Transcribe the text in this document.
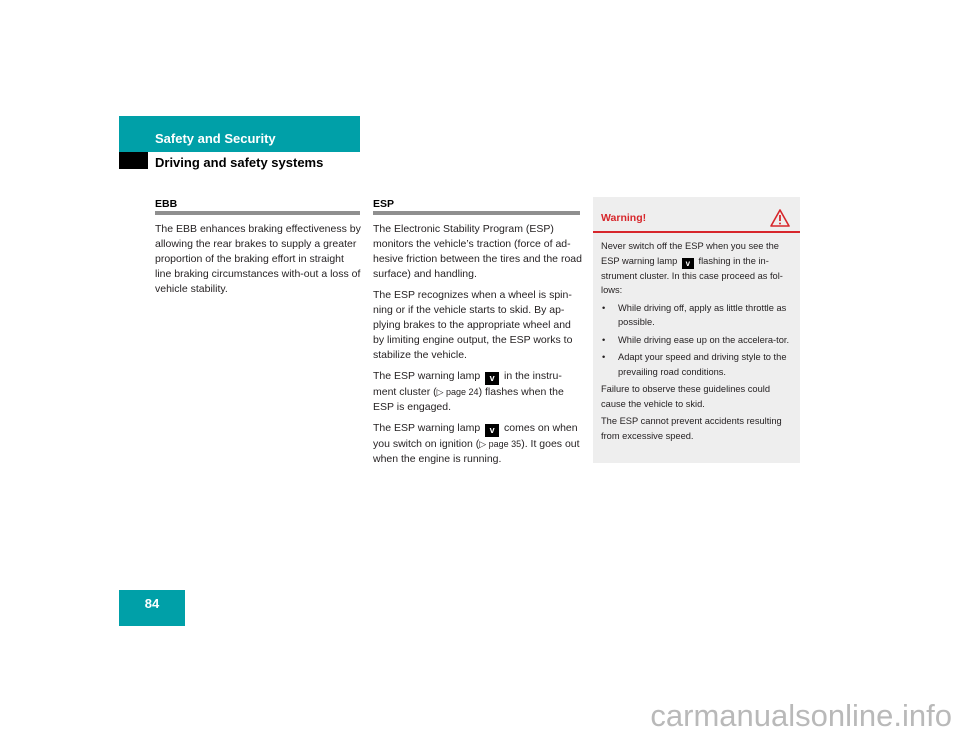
Safety and Security
Driving and safety systems
EBB

The EBB enhances braking effectiveness by allowing the rear brakes to supply a greater proportion of the braking effort in straight line braking circumstances with-out a loss of vehicle stability.

ESP

The Electronic Stability Program (ESP) monitors the vehicle’s traction (force of ad-hesive friction between the tires and the road surface) and handling.

The ESP recognizes when a wheel is spin-ning or if the vehicle starts to skid. By ap-plying brakes to the appropriate wheel and by limiting engine output, the ESP works to stabilize the vehicle.

The ESP warning lamp v in the instru-ment cluster (▷ page 24) flashes when the ESP is engaged.

The ESP warning lamp v comes on when you switch on ignition (▷ page 35). It goes out when the engine is running.

Warning!

Never switch off the ESP when you see the ESP warning lamp v flashing in the in-strument cluster. In this case proceed as fol-lows:

• While driving off, apply as little throttle as possible.
• While driving ease up on the accelera-tor.
• Adapt your speed and driving style to the prevailing road conditions.

Failure to observe these guidelines could cause the vehicle to skid.

The ESP cannot prevent accidents resulting from excessive speed.

84
carmanualsonline.info
